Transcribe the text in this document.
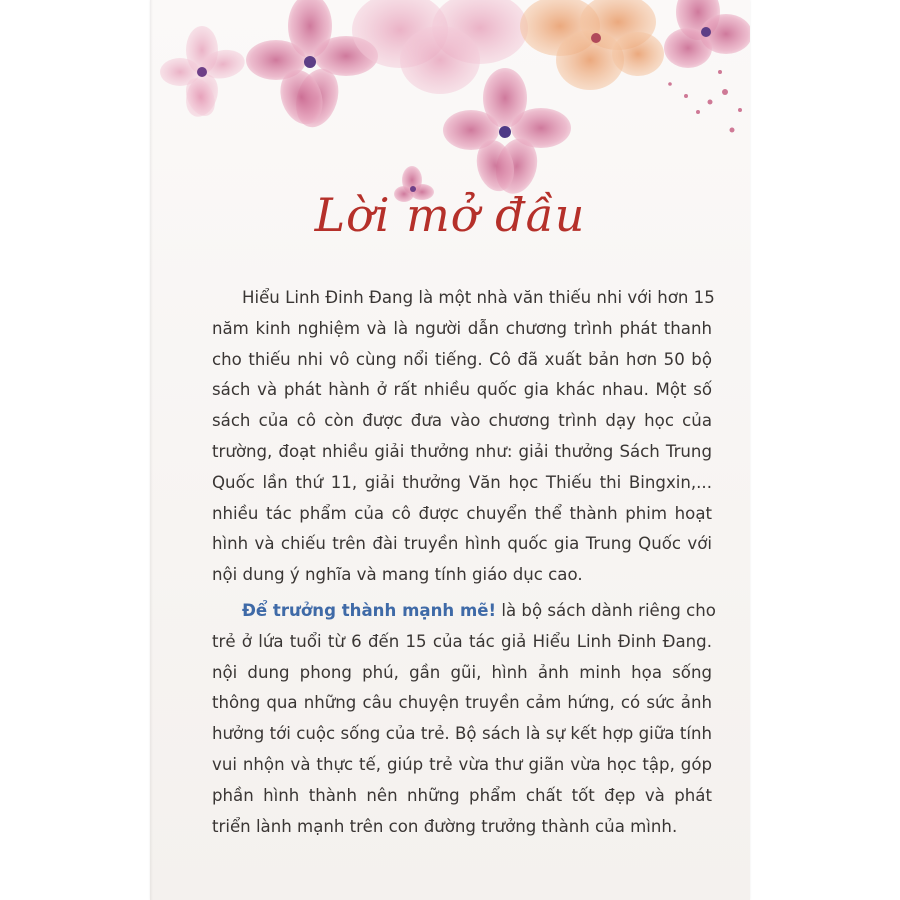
Lời mở đầu
Hiểu Linh Đinh Đang là một nhà văn thiếu nhi với hơn 15
năm kinh nghiệm và là người dẫn chương trình phát thanh
cho thiếu nhi vô cùng nổi tiếng. Cô đã xuất bản hơn 50 bộ
sách và phát hành ở rất nhiều quốc gia khác nhau. Một số
sách của cô còn được đưa vào chương trình dạy học của
trường, đoạt nhiều giải thưởng như: giải thưởng Sách Trung
Quốc lần thứ 11, giải thưởng Văn học Thiếu thi Bingxin,...
nhiều tác phẩm của cô được chuyển thể thành phim hoạt
hình và chiếu trên đài truyền hình quốc gia Trung Quốc với
nội dung ý nghĩa và mang tính giáo dục cao.
Để trưởng thành mạnh mẽ! là bộ sách dành riêng cho
trẻ ở lứa tuổi từ 6 đến 15 của tác giả Hiểu Linh Đinh Đang.
nội dung phong phú, gần gũi, hình ảnh minh họa sống
thông qua những câu chuyện truyền cảm hứng, có sức ảnh
hưởng tới cuộc sống của trẻ. Bộ sách là sự kết hợp giữa tính
vui nhộn và thực tế, giúp trẻ vừa thư giãn vừa học tập, góp
phần hình thành nên những phẩm chất tốt đẹp và phát
triển lành mạnh trên con đường trưởng thành của mình.
